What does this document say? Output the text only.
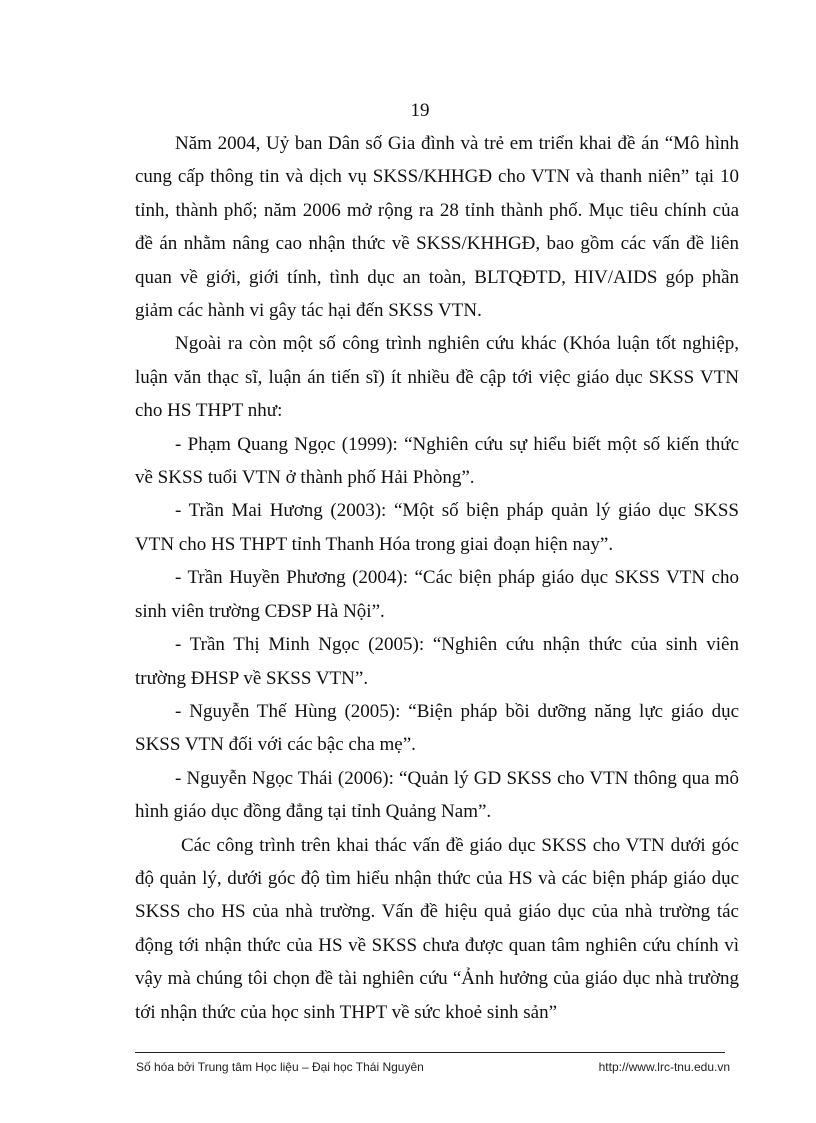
19

Năm 2004, Uỷ ban Dân số Gia đình và trẻ em triển khai đề án “Mô hình cung cấp thông tin và dịch vụ SKSS/KHHGĐ cho VTN và thanh niên” tại 10 tỉnh, thành phố; năm 2006 mở rộng ra 28 tỉnh thành phố. Mục tiêu chính của đề án nhằm nâng cao nhận thức về SKSS/KHHGĐ, bao gồm các vấn đề liên quan về giới, giới tính, tình dục an toàn, BLTQĐTD, HIV/AIDS góp phần giảm các hành vi gây tác hại đến SKSS VTN.

Ngoài ra còn một số công trình nghiên cứu khác (Khóa luận tốt nghiệp, luận văn thạc sĩ, luận án tiến sĩ) ít nhiều đề cập tới việc giáo dục SKSS VTN cho HS THPT như:

- Phạm Quang Ngọc (1999): “Nghiên cứu sự hiểu biết một số kiến thức về SKSS tuổi VTN ở thành phố Hải Phòng”.

- Trần Mai Hương (2003): “Một số biện pháp quản lý giáo dục SKSS VTN cho HS THPT tỉnh Thanh Hóa trong giai đoạn hiện nay”.

- Trần Huyền Phương (2004): “Các biện pháp giáo dục SKSS VTN cho sinh viên trường CĐSP Hà Nội”.

- Trần Thị Minh Ngọc (2005): “Nghiên cứu nhận thức của sinh viên trường ĐHSP về SKSS VTN”.

- Nguyễn Thế Hùng (2005): “Biện pháp bồi dưỡng năng lực giáo dục SKSS VTN đối với các bậc cha mẹ”.

- Nguyễn Ngọc Thái (2006): “Quản lý GD SKSS cho VTN thông qua mô hình giáo dục đồng đẳng tại tỉnh Quảng Nam”.

Các công trình trên khai thác vấn đề giáo dục SKSS cho VTN dưới góc độ quản lý, dưới góc độ tìm hiểu nhận thức của HS và các biện pháp giáo dục SKSS cho HS của nhà trường. Vấn đề hiệu quả giáo dục của nhà trường tác động tới nhận thức của HS về SKSS chưa được quan tâm nghiên cứu chính vì vậy mà chúng tôi chọn đề tài nghiên cứu “Ảnh hưởng của giáo dục nhà trường tới nhận thức của học sinh THPT về sức khoẻ sinh sản”

Số hóa bởi Trung tâm Học liệu – Đại học Thái Nguyên	http://www.lrc-tnu.edu.vn
